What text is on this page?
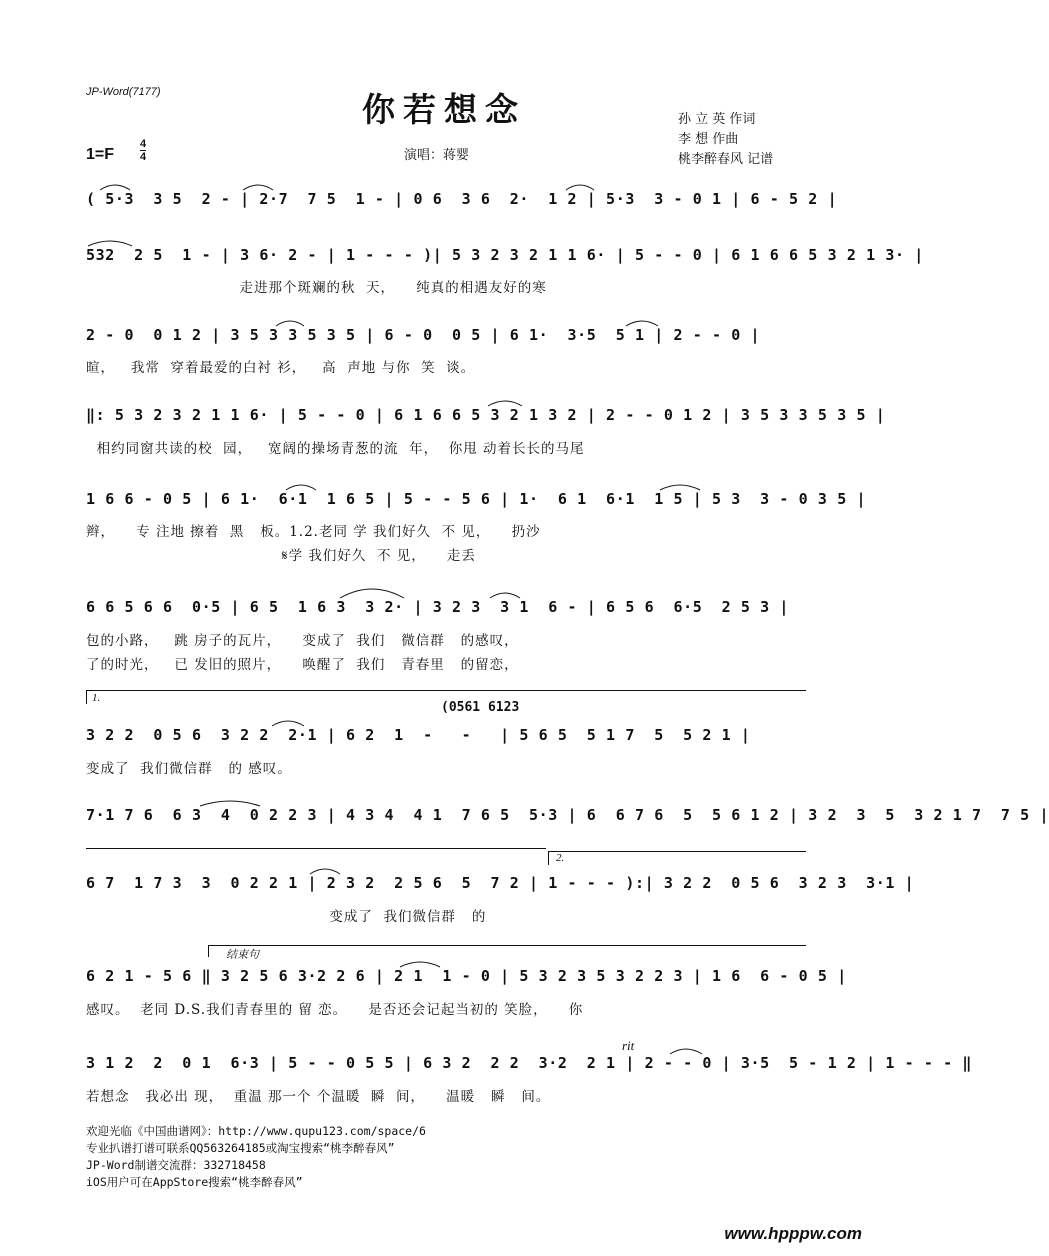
JP-Word(7177)	你若想念	孙 立 英 作词
李 想 作曲
桃李醉春风 记谱
1=F
4
4	演唱：蒋婴
( 5·3  3 5  2 - | 2·7  7 5  1 - | 0 6  3 6  2·  1 2 | 5·3  3 - 0 1 | 6 - 5 2 |
532  2 5  1 - | 3 6· 2 - | 1 - - - )| 5 3 2 3 2 1 1 6· | 5 - - 0 | 6 1 6 6 5 3 2 1 3· |
走进那个斑斓的秋  天，    纯真的相遇友好的寒
2 - 0  0 1 2 | 3 5 3 3 5 3 5 | 6 - 0  0 5 | 6 1·  3·5  5 1 | 2 - - 0 |
暄，   我常  穿着最爱的白衬 衫，   高  声地 与你  笑  谈。
‖: 5 3 2 3 2 1 1 6· | 5 - - 0 | 6 1 6 6 5 3 2 1 3 2 | 2 - - 0 1 2 | 3 5 3 3 5 3 5 |
相约同窗共读的校  园，   宽阔的操场青葱的流  年，  你甩 动着长长的马尾
1 6 6 - 0 5 | 6 1·  6·1  1 6 5 | 5 - - 5 6 | 1·  6 1  6·1  1 5 | 5 3  3 - 0 3 5 |
辫，    专 注地 擦着  黑   板。1.2.老同 学 我们好久  不 见，    扔沙
𝄋学 我们好久  不 见，    走丢
6 6 5 6 6  0·5 | 6 5  1 6 3  3 2· | 3 2 3  3 1  6 - | 6 5 6  6·5  2 5 3 |
包的小路，   跳 房子的瓦片，    变成了  我们   微信群   的感叹，
了的时光，   已 发旧的照片，    唤醒了  我们   青春里   的留恋，
1.
(0561 6123
3 2 2  0 5 6  3 2 2  2·1 | 6 2  1  -   -   | 5 6 5  5 1 7  5  5 2 1 |
变成了  我们微信群   的 感叹。
7·1 7 6  6 3  4  0 2 2 3 | 4 3 4  4 1  7 6 5  5·3 | 6  6 7 6  5  5 6 1 2 | 3 2  3  5  3 2 1 7  7 5 |
2.
6 7  1 7 3  3  0 2 2 1 | 2 3 2  2 5 6  5  7 2 | 1 - - - ):| 3 2 2  0 5 6  3 2 3  3·1 |
变成了  我们微信群   的
结束句
6 2 1 - 5 6 ‖ 3 2 5 6 3·2 2 6 | 2 1  1 - 0 | 5 3 2 3 5 3 2 2 3 | 1 6  6 - 0 5 |
感叹。  老同 D.S.我们青春里的 留 恋。    是否还会记起当初的 笑脸，    你
rit
3 1 2  2  0 1  6·3 | 5 - - 0 5 5 | 6 3 2  2 2  3·2  2 1 | 2 - - 0 | 3·5  5 - 1 2 | 1 - - - ‖
若想念   我必出 现，  重温 那一个 个温暖  瞬  间，    温暖   瞬   间。
欢迎光临《中国曲谱网》：http://www.qupu123.com/space/6
专业扒谱打谱可联系QQ563264185或淘宝搜索“桃李醉春风”

JP-Word制谱交流群：332718458
iOS用户可在AppStore搜索“桃李醉春风”
www.hpppw.com
